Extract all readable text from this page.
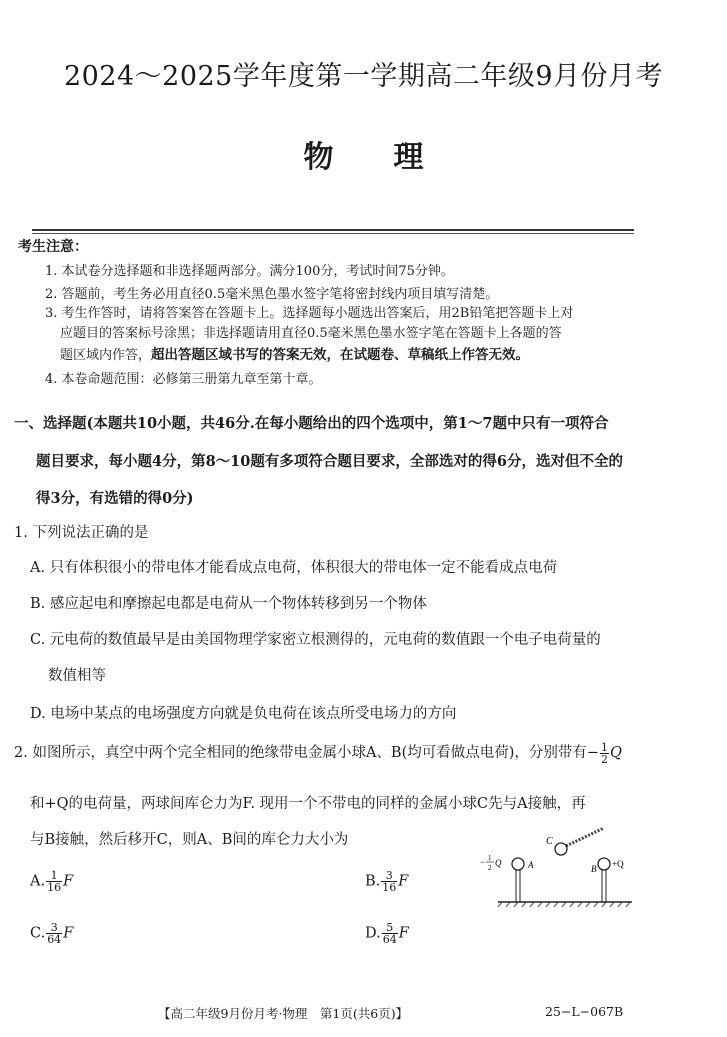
2024～2025学年度第一学期高二年级9月份月考
物理
考生注意：
1. 本试卷分选择题和非选择题两部分。满分100分，考试时间75分钟。
2. 答题前，考生务必用直径0.5毫米黑色墨水签字笔将密封线内项目填写清楚。
3. 考生作答时，请将答案答在答题卡上。选择题每小题选出答案后，用2B铅笔把答题卡上对
应题目的答案标号涂黑；非选择题请用直径0.5毫米黑色墨水签字笔在答题卡上各题的答
题区域内作答，超出答题区域书写的答案无效，在试题卷、草稿纸上作答无效。
4. 本卷命题范围：必修第三册第九章至第十章。
一、选择题(本题共10小题，共46分.在每小题给出的四个选项中，第1～7题中只有一项符合
题目要求，每小题4分，第8～10题有多项符合题目要求，全部选对的得6分，选对但不全的
得3分，有选错的得0分)
1. 下列说法正确的是
A. 只有体积很小的带电体才能看成点电荷，体积很大的带电体一定不能看成点电荷
B. 感应起电和摩擦起电都是电荷从一个物体转移到另一个物体
C. 元电荷的数值最早是由美国物理学家密立根测得的，元电荷的数值跟一个电子电荷量的
数值相等
D. 电场中某点的电场强度方向就是负电荷在该点所受电场力的方向
2. 如图所示，真空中两个完全相同的绝缘带电金属小球A、B(均可看做点电荷)，分别带有− $\frac{1}{2}$ Q
和+Q的电荷量，两球间库仑力为F. 现用一个不带电的同样的金属小球C先与A接触，再
与B接触，然后移开C，则A、B间的库仑力大小为
A. $\frac{1}{16}$ F	B. $\frac{3}{16}$ F
C. $\frac{3}{64}$ F	D. $\frac{5}{64}$ F
C
A	B
− 1
2 Q	+Q
【高二年级9月份月考·物理　第1页(共6页)】	25−L−067B
